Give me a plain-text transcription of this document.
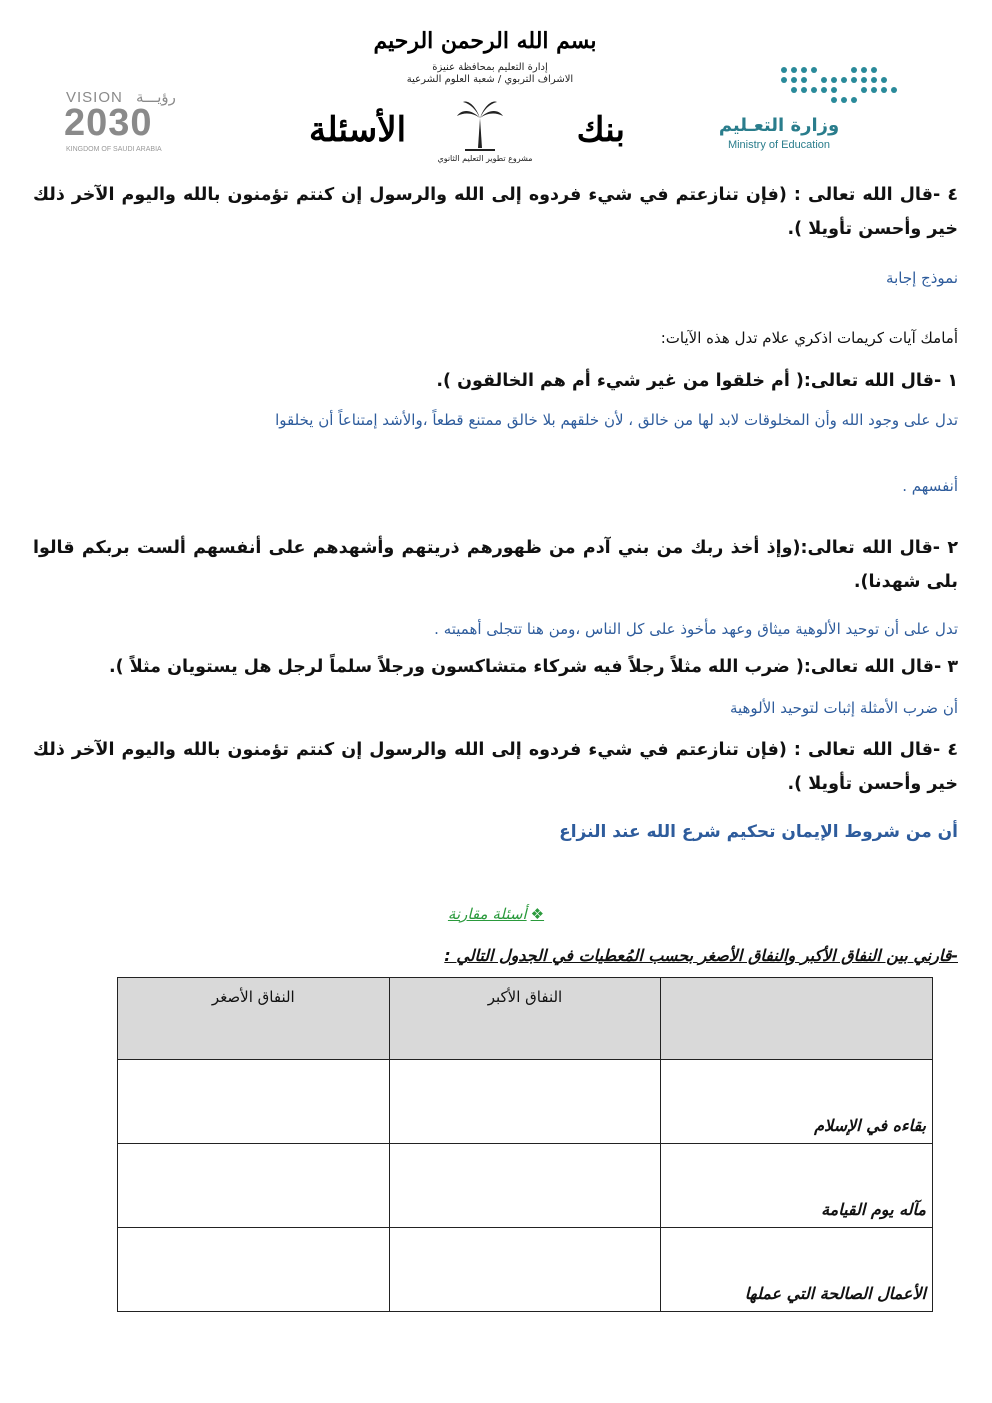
بسم الله الرحمن الرحيم
إدارة التعليم بمحافظة عنيزة
الاشراف التربوي / شعبة العلوم الشرعية
VISION رؤيـــة
2030
KINGDOM OF SAUDI ARABIA	بنك
الأسئلة
مشروع تطوير التعليم الثانوي
وزارة التعـليم
Ministry of Education
٤ -قال الله تعالى : (فإن تنازعتم في شيء فردوه إلى الله والرسول إن كنتم تؤمنون بالله واليوم الآخر ذلك خير وأحسن تأويلا ).
نموذج إجابة
أمامك آيات كريمات اذكري علام تدل هذه الآيات:
١ -قال الله تعالى:( أم خلقوا من غير شيء أم هم الخالقون ).
تدل على وجود الله وأن المخلوقات لابد لها من خالق ، لأن خلقهم بلا خالق ممتنع قطعاً ،والأشد إمتناعاً أن يخلقوا
أنفسهم .
٢ -قال الله تعالى:(وإذ أخذ ربك من بني آدم من ظهورهم ذريتهم وأشهدهم على أنفسهم ألست بربكم قالوا بلى شهدنا).
تدل على أن توحيد الألوهية ميثاق وعهد مأخوذ على كل الناس ،ومن هنا تتجلى أهميته .
٣ -قال الله تعالى:( ضرب الله مثلاً رجلاً فيه شركاء متشاكسون ورجلاً سلماً لرجل هل يستويان مثلاً ).
أن ضرب الأمثلة إثبات لتوحيد الألوهية
٤ -قال الله تعالى : (فإن تنازعتم في شيء فردوه إلى الله والرسول إن كنتم تؤمنون بالله واليوم الآخر ذلك خير وأحسن تأويلا ).
أن من شروط الإيمان تحكيم شرع الله عند النزاع
❖أسئلة مقارنة
-قارني بين النفاق الأكبر والنفاق الأصغر بحسب المُعطيات في الجدول التالي :
	النفاق الأكبر	النفاق الأصغر
بقاءه في الإسلام		
مآله يوم القيامة		
الأعمال الصالحة التي عملها		
